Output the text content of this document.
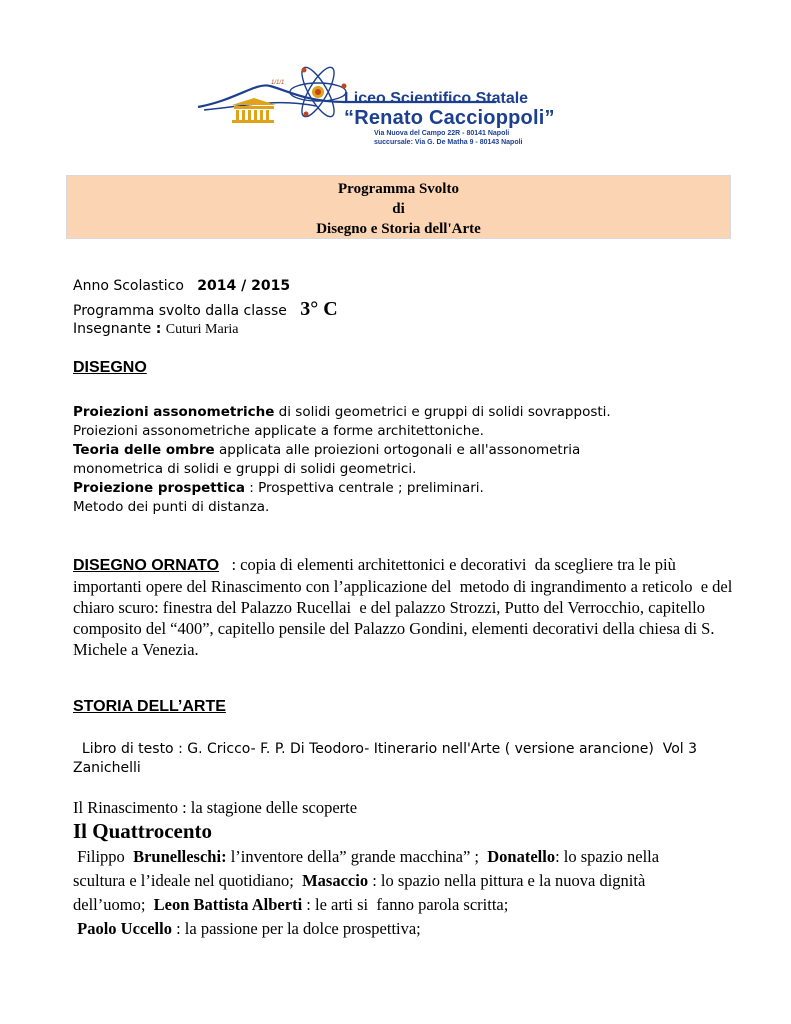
1/1/1
Liceo Scientifico Statale
“Renato Caccioppoli”
Via Nuova del Campo 22R - 80141 Napoli
succursale: Via G. De Matha 9 - 80143 Napoli
Programma Svolto
di
Disegno e Storia dell'Arte
Anno Scolastico 2014 / 2015
Programma svolto dalla classe 3° C
Insegnante : Cuturi Maria
DISEGNO
Proiezioni assonometriche di solidi geometrici e gruppi di solidi sovrapposti.
Proiezioni assonometriche applicate a forme architettoniche.
Teoria delle ombre applicata alle proiezioni ortogonali e all'assonometria
monometrica di solidi e gruppi di solidi geometrici.
Proiezione prospettica : Prospettiva centrale ; preliminari.
Metodo dei punti di distanza.
DISEGNO ORNATO   : copia di elementi architettonici e decorativi  da scegliere tra le più importanti opere del Rinascimento con l’applicazione del  metodo di ingrandimento a reticolo  e del chiaro scuro: finestra del Palazzo Rucellai  e del palazzo Strozzi, Putto del Verrocchio, capitello composito del “400”, capitello pensile del Palazzo Gondini, elementi decorativi della chiesa di S. Michele a Venezia.
STORIA DELL’ARTE
Libro di testo : G. Cricco- F. P. Di Teodoro- Itinerario nell'Arte ( versione arancione)  Vol 3 Zanichelli
Il Rinascimento : la stagione delle scoperte
Il Quattrocento
Filippo  Brunelleschi: l’inventore della” grande macchina” ;  Donatello: lo spazio nella
scultura e l’ideale nel quotidiano;  Masaccio : lo spazio nella pittura e la nuova dignità
dell’uomo;  Leon Battista Alberti : le arti si  fanno parola scritta;
Paolo Uccello : la passione per la dolce prospettiva;
